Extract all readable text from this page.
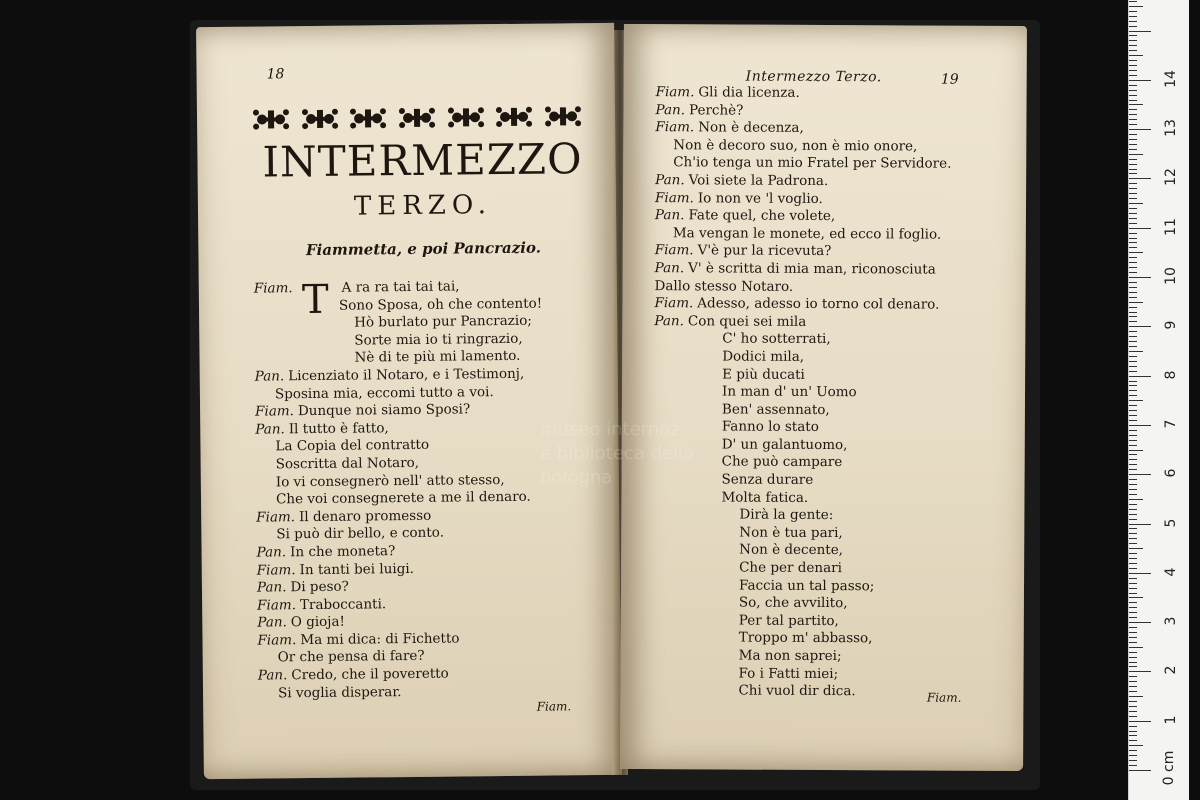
18
INTERMEZZO
TERZO.
Fiammetta, e poi Pancrazio.
Fiam.	A ra ra tai tai tai,
Sono Sposa, oh che contento!
Hò burlato pur Pancrazio;
Sorte mia io ti ringrazio,
Nè di te più mi lamento.
Pan. Licenziato il Notaro, e i Testimonj,
Sposina mia, eccomi tutto a voi.
Fiam. Dunque noi siamo Sposi?
Pan. Il tutto è fatto,
La Copia del contratto
Soscritta dal Notaro,
Io vi consegnerò nell' atto stesso,
Che voi consegnerete a me il denaro.
Fiam. Il denaro promesso
Si può dir bello, e conto.
Pan. In che moneta?
Fiam. In tanti bei luigi.
Pan. Di peso?
Fiam. Traboccanti.
Pan. O gioja!
Fiam. Ma mi dica: di Fichetto
Or che pensa di fare?
Pan. Credo, che il poveretto
Si voglia disperar.
T
Fiam.
Intermezzo Terzo.	19
Fiam. Gli dia licenza.
Pan. Perchè?
Fiam. Non è decenza,
Non è decoro suo, non è mio onore,
Ch'io tenga un mio Fratel per Servidore.
Pan. Voi siete la Padrona.
Fiam. Io non ve 'l voglio.
Pan. Fate quel, che volete,
Ma vengan le monete, ed ecco il foglio.
Fiam. V'è pur la ricevuta?
Pan. V' è scritta di mia man, riconosciuta
Dallo stesso Notaro.
Fiam. Adesso, adesso io torno col denaro.
Pan. Con quei sei mila
C' ho sotterrati,
Dodici mila,
E più ducati
In man d' un' Uomo
Ben' assennato,
Fanno lo stato
D' un galantuomo,
Che può campare
Senza durare
Molta fatica.
Dirà la gente:
Non è tua pari,
Non è decente,
Che per denari
Faccia un tal passo;
So, che avvilito,
Per tal partito,
Troppo m' abbasso,
Ma non saprei;
Fo i Fatti miei;
Chi vuol dir dica.	Fiam.
museo internaz.
e biblioteca della
bologna
0 cm
1
2
3
4
5
6
7
8
9
10
11
12
13
14
